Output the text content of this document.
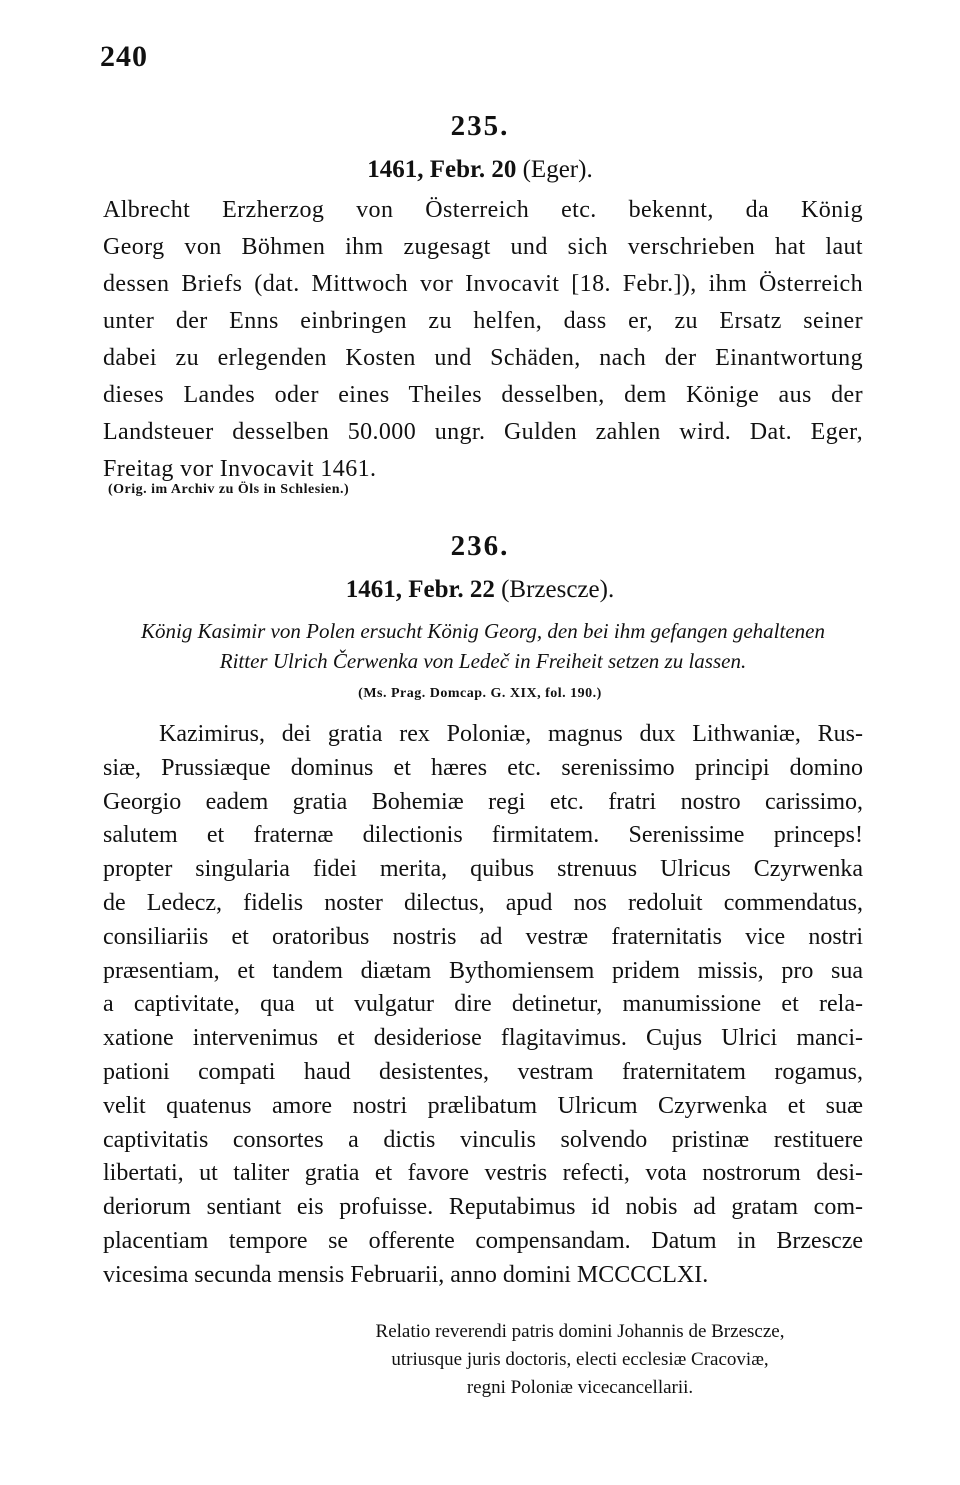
240
235.
1461, Febr. 20 (Eger).
Albrecht Erzherzog von Österreich etc. bekennt, da König
Georg von Böhmen ihm zugesagt und sich verschrieben hat laut
dessen Briefs (dat. Mittwoch vor Invocavit [18. Febr.]), ihm Österreich
unter der Enns einbringen zu helfen, dass er, zu Ersatz seiner
dabei zu erlegenden Kosten und Schäden, nach der Einantwortung
dieses Landes oder eines Theiles desselben, dem Könige aus der
Landsteuer desselben 50.000 ungr. Gulden zahlen wird. Dat. Eger,
Freitag vor Invocavit 1461.
(Orig. im Archiv zu Öls in Schlesien.)
236.
1461, Febr. 22 (Brzescze).
König Kasimir von Polen ersucht König Georg, den bei ihm gefangen gehaltenen
Ritter Ulrich Čerwenka von Ledeč in Freiheit setzen zu lassen.
(Ms. Prag. Domcap. G. XIX, fol. 190.)
Kazimirus, dei gratia rex Poloniæ, magnus dux Lithwaniæ, Rus-
siæ, Prussiæque dominus et hæres etc. serenissimo principi domino
Georgio eadem gratia Bohemiæ regi etc. fratri nostro carissimo,
salutem et fraternæ dilectionis firmitatem. Serenissime princeps!
propter singularia fidei merita, quibus strenuus Ulricus Czyrwenka
de Ledecz, fidelis noster dilectus, apud nos redoluit commendatus,
consiliariis et oratoribus nostris ad vestræ fraternitatis vice nostri
præsentiam, et tandem diætam Bythomiensem pridem missis, pro sua
a captivitate, qua ut vulgatur dire detinetur, manumissione et rela-
xatione intervenimus et desideriose flagitavimus. Cujus Ulrici manci-
pationi compati haud desistentes, vestram fraternitatem rogamus,
velit quatenus amore nostri prælibatum Ulricum Czyrwenka et suæ
captivitatis consortes a dictis vinculis solvendo pristinæ restituere
libertati, ut taliter gratia et favore vestris refecti, vota nostrorum desi-
deriorum sentiant eis profuisse. Reputabimus id nobis ad gratam com-
placentiam tempore se offerente compensandam. Datum in Brzescze
vicesima secunda mensis Februarii, anno domini MCCCCLXI.
Relatio reverendi patris domini Johannis de Brzescze,
utriusque juris doctoris, electi ecclesiæ Cracoviæ,
regni Poloniæ vicecancellarii.
